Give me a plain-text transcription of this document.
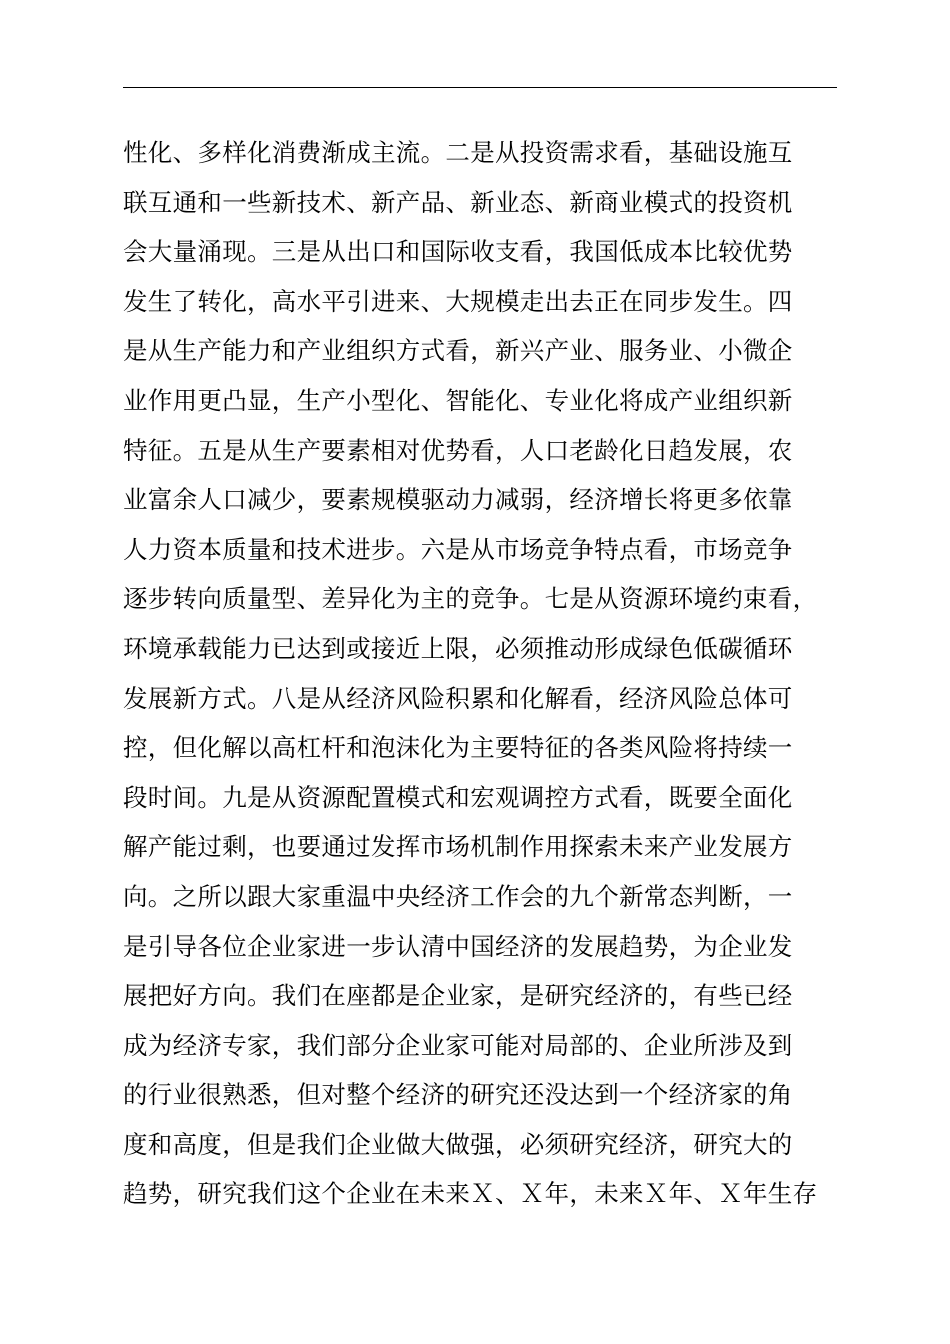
性化、多样化消费渐成主流。二是从投资需求看，基础设施互
联互通和一些新技术、新产品、新业态、新商业模式的投资机
会大量涌现。三是从出口和国际收支看，我国低成本比较优势
发生了转化，高水平引进来、大规模走出去正在同步发生。四
是从生产能力和产业组织方式看，新兴产业、服务业、小微企
业作用更凸显，生产小型化、智能化、专业化将成产业组织新
特征。五是从生产要素相对优势看，人口老龄化日趋发展，农
业富余人口减少，要素规模驱动力减弱，经济增长将更多依靠
人力资本质量和技术进步。六是从市场竞争特点看，市场竞争
逐步转向质量型、差异化为主的竞争。七是从资源环境约束看，
环境承载能力已达到或接近上限，必须推动形成绿色低碳循环
发展新方式。八是从经济风险积累和化解看，经济风险总体可
控，但化解以高杠杆和泡沫化为主要特征的各类风险将持续一
段时间。九是从资源配置模式和宏观调控方式看，既要全面化
解产能过剩，也要通过发挥市场机制作用探索未来产业发展方
向。之所以跟大家重温中央经济工作会的九个新常态判断，一
是引导各位企业家进一步认清中国经济的发展趋势，为企业发
展把好方向。我们在座都是企业家，是研究经济的，有些已经
成为经济专家，我们部分企业家可能对局部的、企业所涉及到
的行业很熟悉，但对整个经济的研究还没达到一个经济家的角
度和高度，但是我们企业做大做强，必须研究经济，研究大的
趋势，研究我们这个企业在未来Ｘ、Ｘ年，未来Ｘ年、Ｘ年生存
